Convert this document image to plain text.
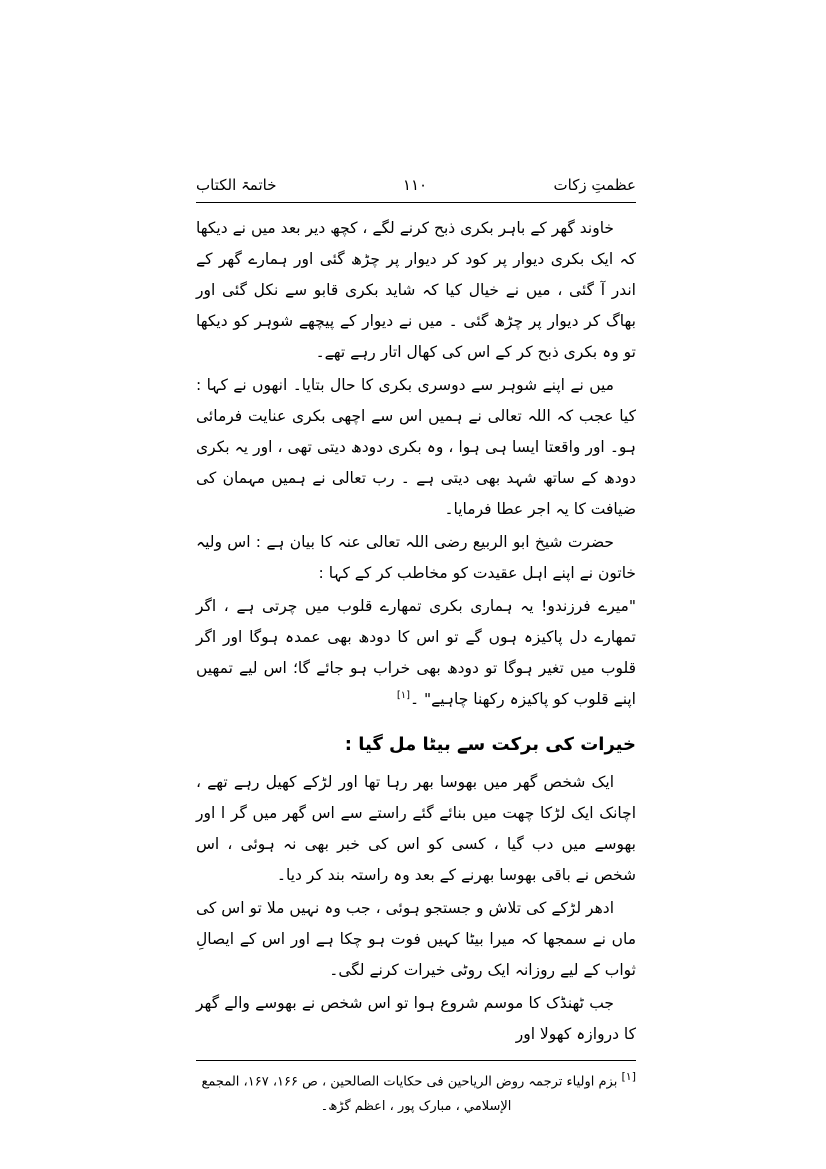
خاتمۃ الکتاب	۱۱۰	عظمتِ زکات

خاوند گھر کے باہر بکری ذبح کرنے لگے ، کچھ دیر بعد میں نے دیکھا کہ ایک بکری دیوار پر کود کر دیوار پر چڑھ گئی اور ہمارے گھر کے اندر آ گئی ، میں نے خیال کیا کہ شاید بکری قابو سے نکل گئی اور بھاگ کر دیوار پر چڑھ گئی ۔ میں نے دیوار کے پیچھے شوہر کو دیکھا تو وہ بکری ذبح کر کے اس کی کھال اتار رہے تھے۔

میں نے اپنے شوہر سے دوسری بکری کا حال بتایا۔ انھوں نے کہا : کیا عجب کہ اللہ تعالی نے ہمیں اس سے اچھی بکری عنایت فرمائی ہو۔ اور واقعتا ایسا ہی ہوا ، وہ بکری دودھ دیتی تھی ، اور یہ بکری دودھ کے ساتھ شہد بھی دیتی ہے ۔ رب تعالی نے ہمیں مہمان کی ضیافت کا یہ اجر عطا فرمایا۔

حضرت شیخ ابو الربیع رضی اللہ تعالی عنہ کا بیان ہے : اس ولیہ خاتون نے اپنے اہل عقیدت کو مخاطب کر کے کہا :

"میرے فرزندو! یہ ہماری بکری تمھارے قلوب میں چرتی ہے ، اگر تمھارے دل پاکیزہ ہوں گے تو اس کا دودھ بھی عمدہ ہوگا اور اگر قلوب میں تغیر ہوگا تو دودھ بھی خراب ہو جائے گا؛ اس لیے تمھیں اپنے قلوب کو پاکیزہ رکھنا چاہیے" ۔[۱]

خیرات کی برکت سے بیٹا مل گیا :

ایک شخص گھر میں بھوسا بھر رہا تھا اور لڑکے کھیل رہے تھے ، اچانک ایک لڑکا چھت میں بنائے گئے راستے سے اس گھر میں گر ا اور بھوسے میں دب گیا ، کسی کو اس کی خبر بھی نہ ہوئی ، اس شخص نے باقی بھوسا بھرنے کے بعد وہ راستہ بند کر دیا۔

ادھر لڑکے کی تلاش و جستجو ہوئی ، جب وہ نہیں ملا تو اس کی ماں نے سمجھا کہ میرا بیٹا کہیں فوت ہو چکا ہے اور اس کے ایصالِ ثواب کے لیے روزانہ ایک روٹی خیرات کرنے لگی۔

جب ٹھنڈک کا موسم شروع ہوا تو اس شخص نے بھوسے والے گھر کا دروازہ کھولا اور

[۱] بزم اولیاء ترجمہ روض الریاحین فی حکایات الصالحین ، ص ۱۶۶، ۱۶۷، المجمع
الإسلامي ، مبارک پور ، اعظم گڑھ۔
